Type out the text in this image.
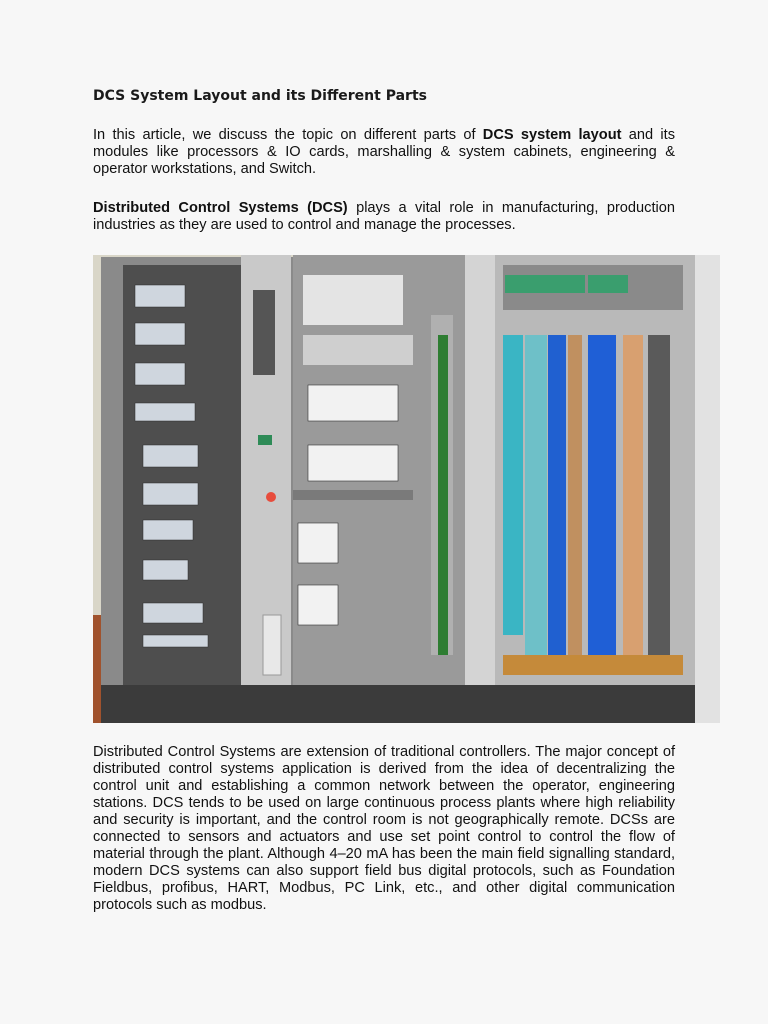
DCS System Layout and its Different Parts
In this article, we discuss the topic on different parts of DCS system layout and its modules like processors & IO cards, marshalling & system cabinets, engineering & operator workstations, and Switch.
Distributed Control Systems (DCS) plays a vital role in manufacturing, production industries as they are used to control and manage the processes.
Distributed Control Systems are extension of traditional controllers. The major concept of distributed control systems application is derived from the idea of decentralizing the control unit and establishing a common network between the operator, engineering stations. DCS tends to be used on large continuous process plants where high reliability and security is important, and the control room is not geographically remote. DCSs are connected to sensors and actuators and use set point control to control the flow of material through the plant. Although 4–20 mA has been the main field signalling standard, modern DCS systems can also support field bus digital protocols, such as Foundation Fieldbus, profibus, HART, Modbus, PC Link, etc., and other digital communication protocols such as modbus.
